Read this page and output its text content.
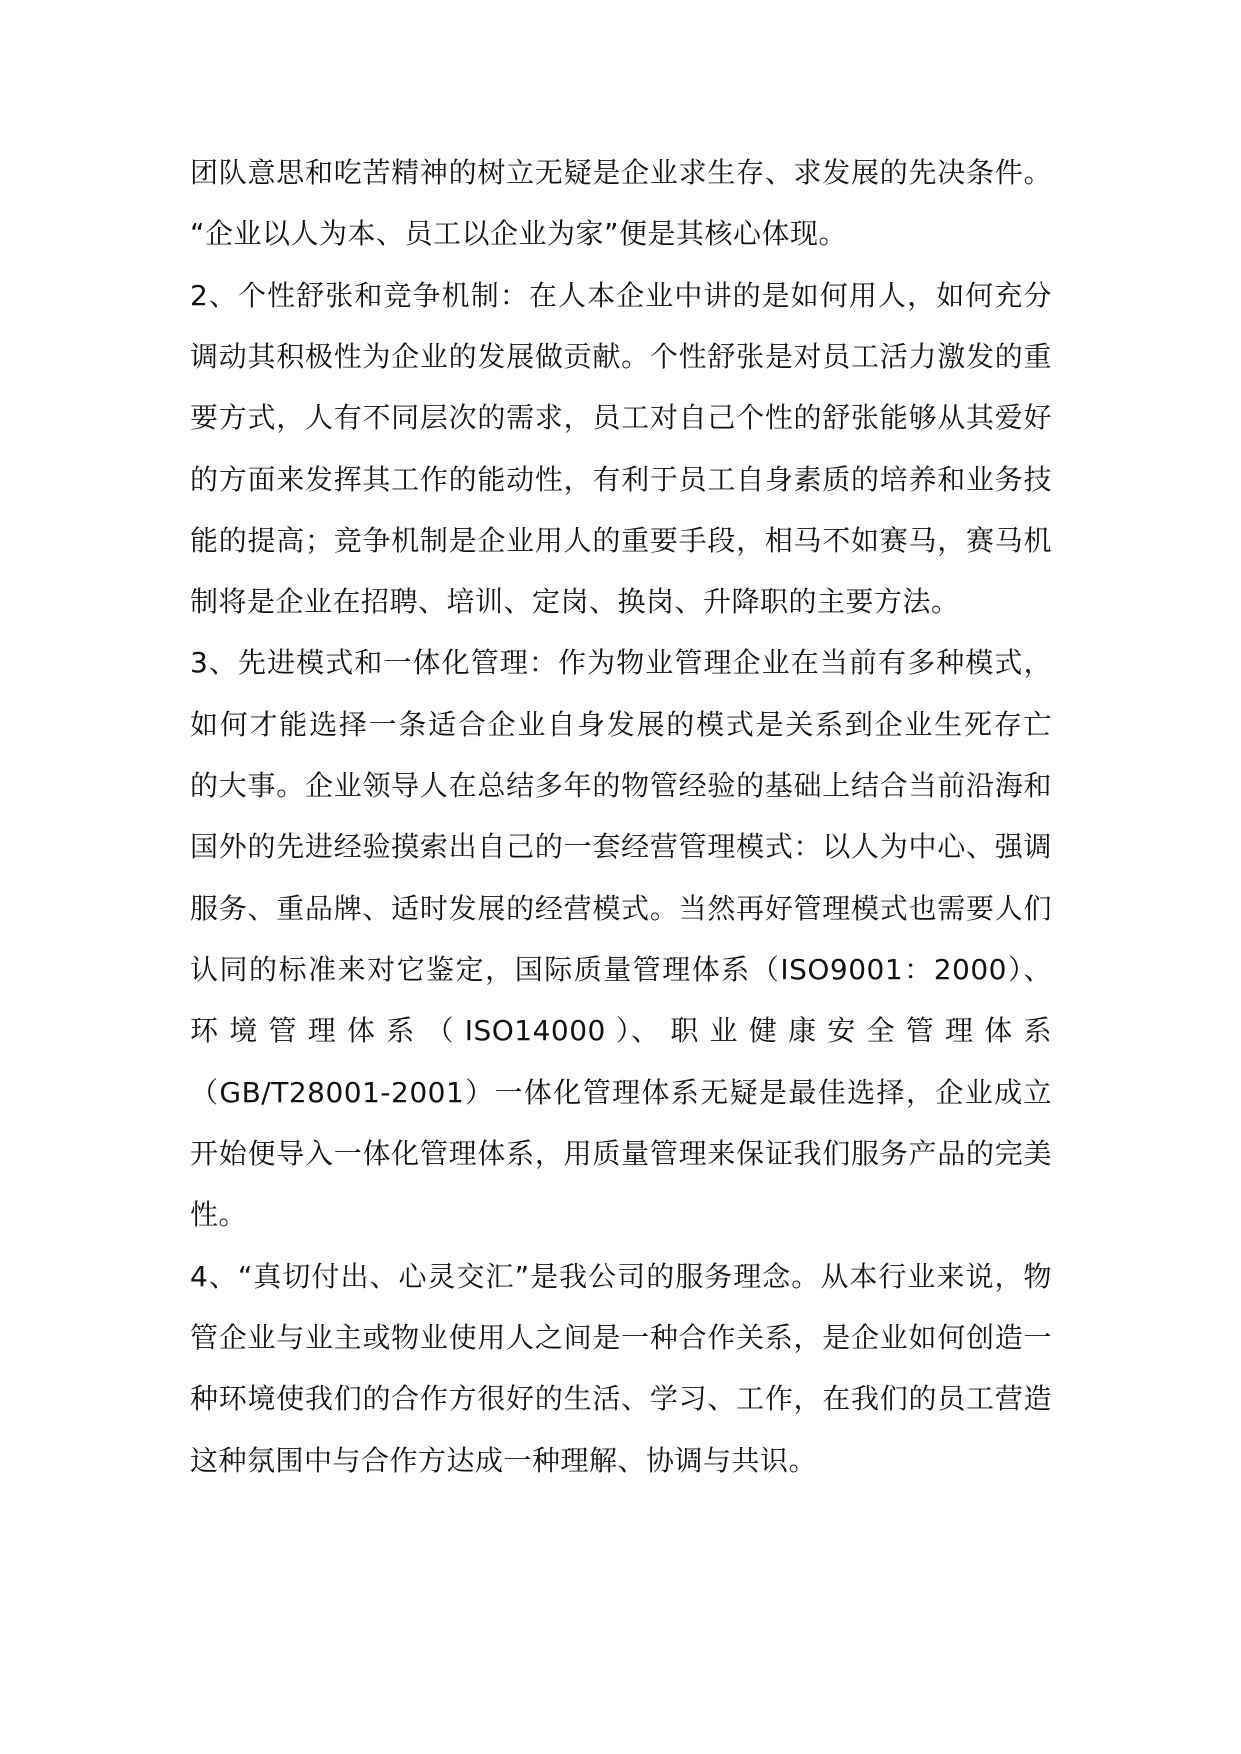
团队意思和吃苦精神的树立无疑是企业求生存、求发展的先决条件。
“企业以人为本、员工以企业为家”便是其核心体现。
2、个性舒张和竞争机制：在人本企业中讲的是如何用人，如何充分
调动其积极性为企业的发展做贡献。个性舒张是对员工活力激发的重
要方式，人有不同层次的需求，员工对自己个性的舒张能够从其爱好
的方面来发挥其工作的能动性，有利于员工自身素质的培养和业务技
能的提高；竞争机制是企业用人的重要手段，相马不如赛马，赛马机
制将是企业在招聘、培训、定岗、换岗、升降职的主要方法。
3、先进模式和一体化管理：作为物业管理企业在当前有多种模式，
如何才能选择一条适合企业自身发展的模式是关系到企业生死存亡
的大事。企业领导人在总结多年的物管经验的基础上结合当前沿海和
国外的先进经验摸索出自己的一套经营管理模式：以人为中心、强调
服务、重品牌、适时发展的经营模式。当然再好管理模式也需要人们
认同的标准来对它鉴定，国际质量管理体系（ISO9001：2000）、
环 境 管 理 体 系 （ ISO14000 ）、 职 业 健 康 安 全 管 理 体 系
（GB/T28001-2001）一体化管理体系无疑是最佳选择，企业成立
开始便导入一体化管理体系，用质量管理来保证我们服务产品的完美
性。
4、“真切付出、心灵交汇”是我公司的服务理念。从本行业来说，物
管企业与业主或物业使用人之间是一种合作关系，是企业如何创造一
种环境使我们的合作方很好的生活、学习、工作，在我们的员工营造
这种氛围中与合作方达成一种理解、协调与共识。
